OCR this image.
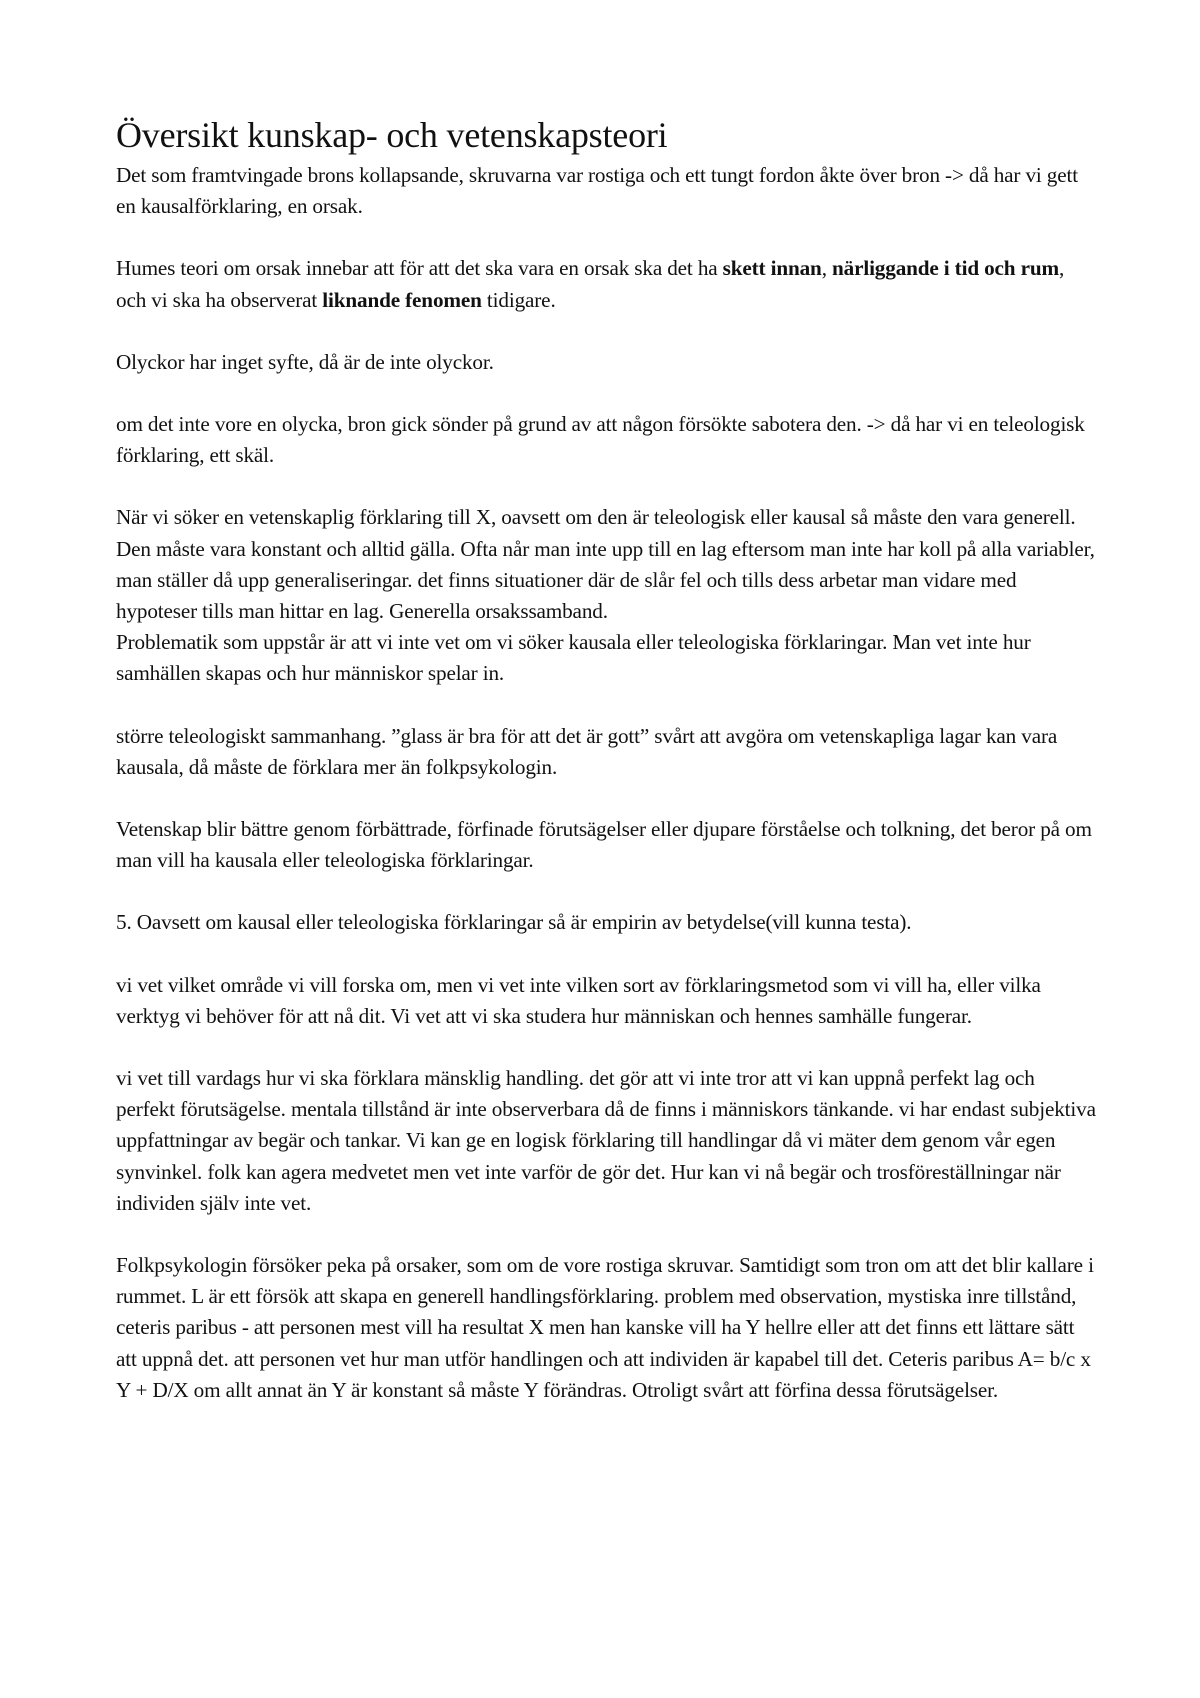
Översikt kunskap- och vetenskapsteori

Det som framtvingade brons kollapsande, skruvarna var rostiga och ett tungt fordon åkte över bron -> då har vi gett en kausalförklaring, en orsak.

Humes teori om orsak innebar att för att det ska vara en orsak ska det ha skett innan, närliggande i tid och rum, och vi ska ha observerat liknande fenomen tidigare.

Olyckor har inget syfte, då är de inte olyckor.

om det inte vore en olycka, bron gick sönder på grund av att någon försökte sabotera den. -> då har vi en teleologisk förklaring, ett skäl.

När vi söker en vetenskaplig förklaring till X, oavsett om den är teleologisk eller kausal så måste den vara generell. Den måste vara konstant och alltid gälla. Ofta når man inte upp till en lag eftersom man inte har koll på alla variabler, man ställer då upp generaliseringar. det finns situationer där de slår fel och tills dess arbetar man vidare med hypoteser tills man hittar en lag. Generella orsakssamband.

Problematik som uppstår är att vi inte vet om vi söker kausala eller teleologiska förklaringar. Man vet inte hur samhällen skapas och hur människor spelar in.

större teleologiskt sammanhang. ”glass är bra för att det är gott” svårt att avgöra om vetenskapliga lagar kan vara kausala, då måste de förklara mer än folkpsykologin.

Vetenskap blir bättre genom förbättrade, förfinade förutsägelser eller djupare förståelse och tolkning, det beror på om man vill ha kausala eller teleologiska förklaringar.

5. Oavsett om kausal eller teleologiska förklaringar så är empirin av betydelse(vill kunna testa).

vi vet vilket område vi vill forska om, men vi vet inte vilken sort av förklaringsmetod som vi vill ha, eller vilka verktyg vi behöver för att nå dit. Vi vet att vi ska studera hur människan och hennes samhälle fungerar.

vi vet till vardags hur vi ska förklara mänsklig handling. det gör att vi inte tror att vi kan uppnå perfekt lag och perfekt förutsägelse. mentala tillstånd är inte observerbara då de finns i människors tänkande. vi har endast subjektiva uppfattningar av begär och tankar. Vi kan ge en logisk förklaring till handlingar då vi mäter dem genom vår egen synvinkel. folk kan agera medvetet men vet inte varför de gör det. Hur kan vi nå begär och trosföreställningar när individen själv inte vet.

Folkpsykologin försöker peka på orsaker, som om de vore rostiga skruvar. Samtidigt som tron om att det blir kallare i rummet. L är ett försök att skapa en generell handlingsförklaring. problem med observation, mystiska inre tillstånd, ceteris paribus - att personen mest vill ha resultat X men han kanske vill ha Y hellre eller att det finns ett lättare sätt att uppnå det. att personen vet hur man utför handlingen och att individen är kapabel till det. Ceteris paribus A= b/c x Y + D/X om allt annat än Y är konstant så måste Y förändras. Otroligt svårt att förfina dessa förutsägelser.
